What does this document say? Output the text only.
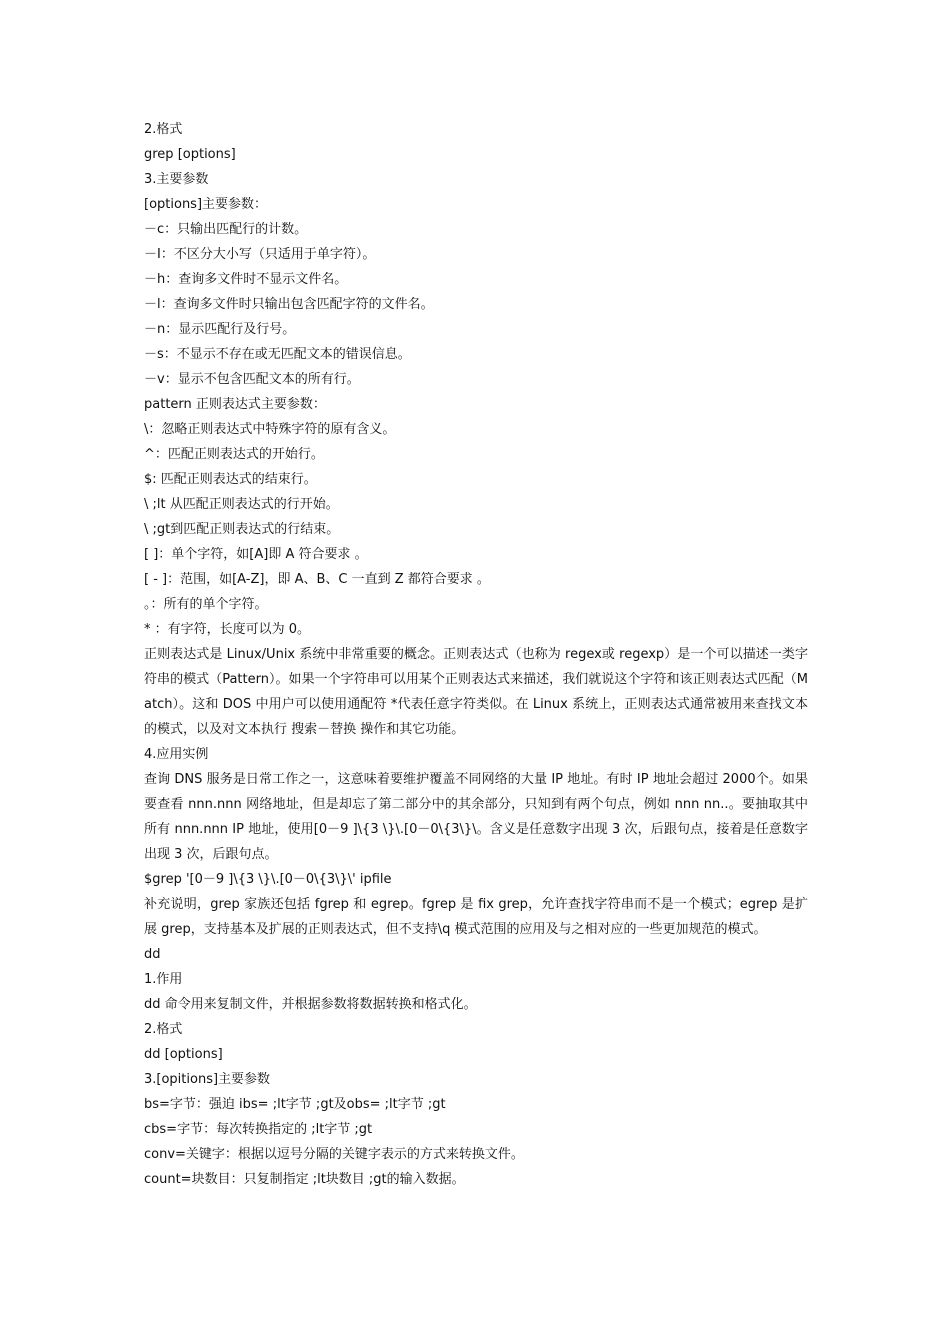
2.格式
grep [options]
3.主要参数
[options]主要参数：
－c：只输出匹配行的计数。
－I：不区分大小写（只适用于单字符）。
－h：查询多文件时不显示文件名。
－l：查询多文件时只输出包含匹配字符的文件名。
－n：显示匹配行及行号。
－s：不显示不存在或无匹配文本的错误信息。
－v：显示不包含匹配文本的所有行。
pattern 正则表达式主要参数：
\：忽略正则表达式中特殊字符的原有含义。
^：匹配正则表达式的开始行。
$: 匹配正则表达式的结束行。
\ ;lt 从匹配正则表达式的行开始。
\ ;gt到匹配正则表达式的行结束。
[ ]：单个字符，如[A]即 A 符合要求 。
[ - ]：范围，如[A-Z]，即 A、B、C 一直到 Z 都符合要求 。
。：所有的单个字符。
* ：有字符，长度可以为 0。

正则表达式是 Linux/Unix 系统中非常重要的概念。正则表达式（也称为 regex或 regexp）是一个可以描述一类字符串的模式（Pattern）。如果一个字符串可以用某个正则表达式来描述，我们就说这个字符和该正则表达式匹配（Match）。这和 DOS 中用户可以使用通配符 *代表任意字符类似。在 Linux 系统上，正则表达式通常被用来查找文本的模式，以及对文本执行 搜索－替换 操作和其它功能。

4.应用实例

查询 DNS 服务是日常工作之一，这意味着要维护覆盖不同网络的大量 IP 地址。有时 IP 地址会超过 2000个。如果要查看 nnn.nnn 网络地址，但是却忘了第二部分中的其余部分，只知到有两个句点，例如 nnn nn..。要抽取其中所有 nnn.nnn IP 地址，使用[0－9 ]\{3 \}\.[0－0\{3\}\。含义是任意数字出现 3 次，后跟句点，接着是任意数字出现 3 次，后跟句点。

$grep '[0－9 ]\{3 \}\.[0－0\{3\}\' ipfile

补充说明，grep 家族还包括 fgrep 和 egrep。fgrep 是 fix grep，允许查找字符串而不是一个模式；egrep 是扩展 grep，支持基本及扩展的正则表达式，但不支持\q 模式范围的应用及与之相对应的一些更加规范的模式。

dd
1.作用
dd 命令用来复制文件，并根据参数将数据转换和格式化。
2.格式
dd [options]
3.[opitions]主要参数
bs=字节：强迫 ibs= ;lt字节 ;gt及obs= ;lt字节 ;gt
cbs=字节：每次转换指定的 ;lt字节 ;gt
conv=关键字：根据以逗号分隔的关键字表示的方式来转换文件。
count=块数目：只复制指定 ;lt块数目 ;gt的输入数据。
